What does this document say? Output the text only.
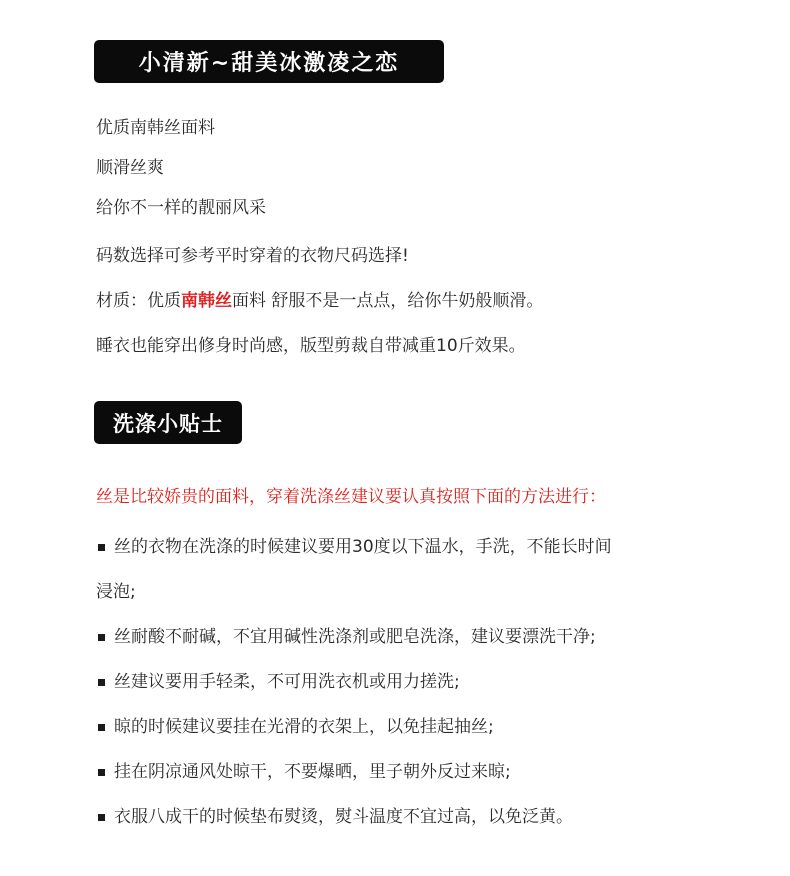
小清新~甜美冰激凌之恋
优质南韩丝面料
顺滑丝爽
给你不一样的靓丽风采
码数选择可参考平时穿着的衣物尺码选择!
材质：优质南韩丝面料 舒服不是一点点，给你牛奶般顺滑。
睡衣也能穿出修身时尚感，版型剪裁自带减重10斤效果。
洗涤小贴士
丝是比较娇贵的面料，穿着洗涤丝建议要认真按照下面的方法进行：
丝的衣物在洗涤的时候建议要用30度以下温水，手洗，不能长时间
浸泡;
丝耐酸不耐碱，不宜用碱性洗涤剂或肥皂洗涤，建议要漂洗干净;
丝建议要用手轻柔，不可用洗衣机或用力搓洗;
晾的时候建议要挂在光滑的衣架上，以免挂起抽丝;
挂在阴凉通风处晾干，不要爆晒，里子朝外反过来晾;
衣服八成干的时候垫布熨烫，熨斗温度不宜过高，以免泛黄。
